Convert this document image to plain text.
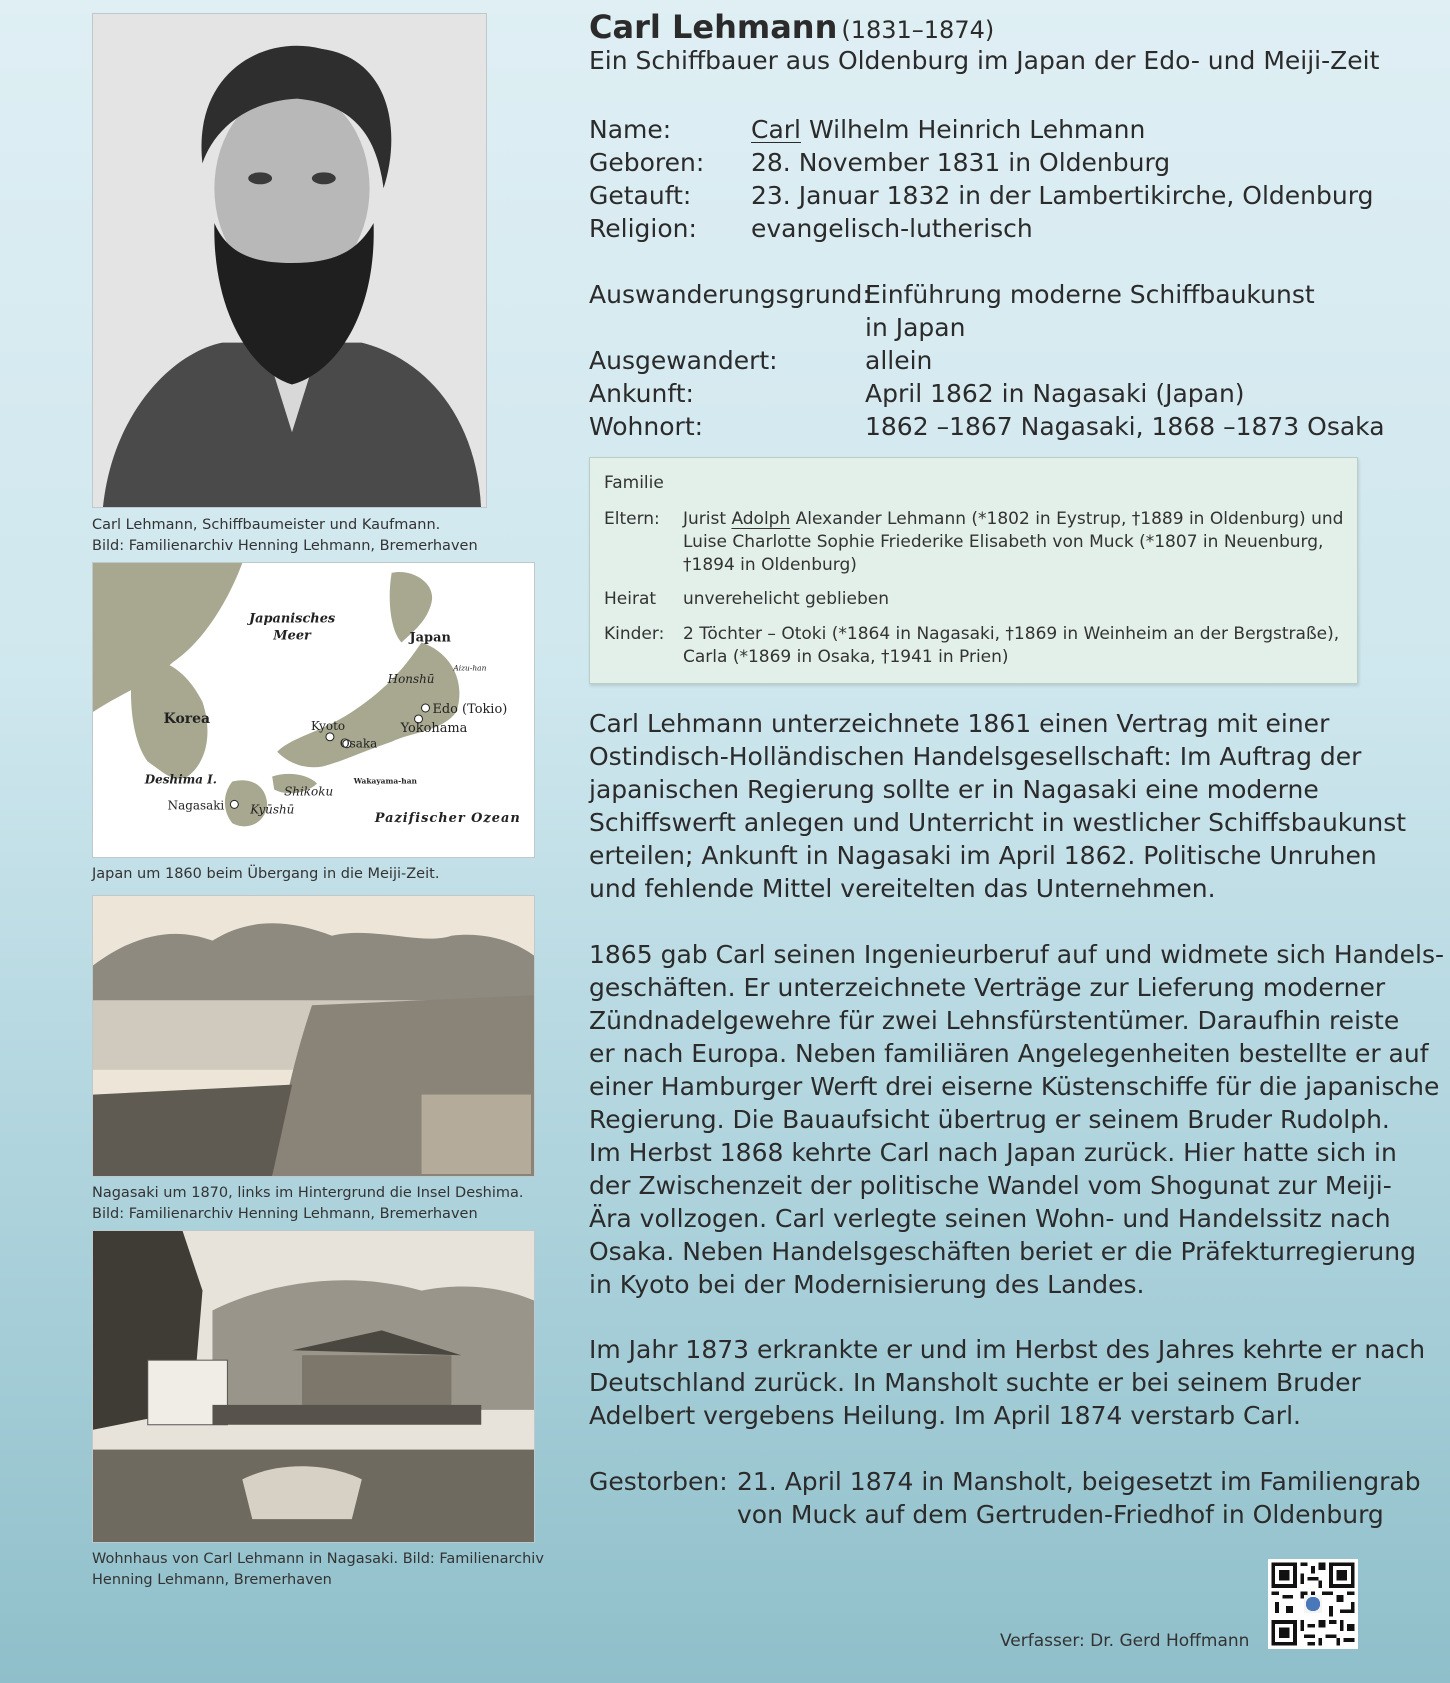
Carl Lehmann, Schiffbaumeister und Kaufmann.
Bild: Familienarchiv Henning Lehmann, Bremerhaven
Japanisches
Meer	Japan
Aizu-han
Honshū
Korea	Kyoto
Edo (Tokio)
Yokohama
Osaka
Wakayama-han
Deshima I.
Shikoku
Nagasaki Kyūshū
Pazifischer Ozean
Japan um 1860 beim Übergang in die Meiji-Zeit.
Nagasaki um 1870, links im Hintergrund die Insel Deshima.
Bild: Familienarchiv Henning Lehmann, Bremerhaven
Wohnhaus von Carl Lehmann in Nagasaki. Bild: Familienarchiv
Henning Lehmann, Bremerhaven
Carl Lehmann (1831–1874)
Ein Schiffbauer aus Oldenburg im Japan der Edo- und Meiji-Zeit
Name:	Carl Wilhelm Heinrich Lehmann
Geboren:	28. November 1831 in Oldenburg
Getauft:	23. Januar 1832 in der Lambertikirche, Oldenburg
Religion:	evangelisch-lutherisch
Auswanderungsgrund:
Einführung moderne Schiffbaukunst
in Japan
Ausgewandert:	allein
Ankunft:	April 1862 in Nagasaki (Japan)
Wohnort:	1862 –1867 Nagasaki, 1868 –1873 Osaka
Familie
Eltern:	Jurist Adolph Alexander Lehmann (*1802 in Eystrup, †1889 in Oldenburg) und
Luise Charlotte Sophie Friederike Elisabeth von Muck (*1807 in Neuenburg,
†1894 in Oldenburg)
Heirat	unverehelicht geblieben
Kinder:	2 Töchter – Otoki (*1864 in Nagasaki, †1869 in Weinheim an der Bergstraße),
Carla (*1869 in Osaka, †1941 in Prien)
Carl Lehmann unterzeichnete 1861 einen Vertrag mit einer
Ostindisch-Holländischen Handelsgesellschaft: Im Auftrag der
japanischen Regierung sollte er in Nagasaki eine moderne
Schiffswerft anlegen und Unterricht in westlicher Schiffsbaukunst
erteilen; Ankunft in Nagasaki im April 1862. Politische Unruhen
und fehlende Mittel vereitelten das Unternehmen.
1865 gab Carl seinen Ingenieurberuf auf und widmete sich Handels-
geschäften. Er unterzeichnete Verträge zur Lieferung moderner
Zündnadelgewehre für zwei Lehnsfürstentümer. Daraufhin reiste
er nach Europa. Neben familiären Angelegenheiten bestellte er auf
einer Hamburger Werft drei eiserne Küstenschiffe für die japanische
Regierung. Die Bauaufsicht übertrug er seinem Bruder Rudolph.
Im Herbst 1868 kehrte Carl nach Japan zurück. Hier hatte sich in
der Zwischenzeit der politische Wandel vom Shogunat zur Meiji-
Ära vollzogen. Carl verlegte seinen Wohn- und Handelssitz nach
Osaka. Neben Handelsgeschäften beriet er die Präfekturregierung
in Kyoto bei der Modernisierung des Landes.
Im Jahr 1873 erkrankte er und im Herbst des Jahres kehrte er nach
Deutschland zurück. In Mansholt suchte er bei seinem Bruder
Adelbert vergebens Heilung. Im April 1874 verstarb Carl.
Gestorben: 21. April 1874 in Mansholt, beigesetzt im Familiengrab
von Muck auf dem Gertruden-Friedhof in Oldenburg
Verfasser: Dr. Gerd Hoffmann
